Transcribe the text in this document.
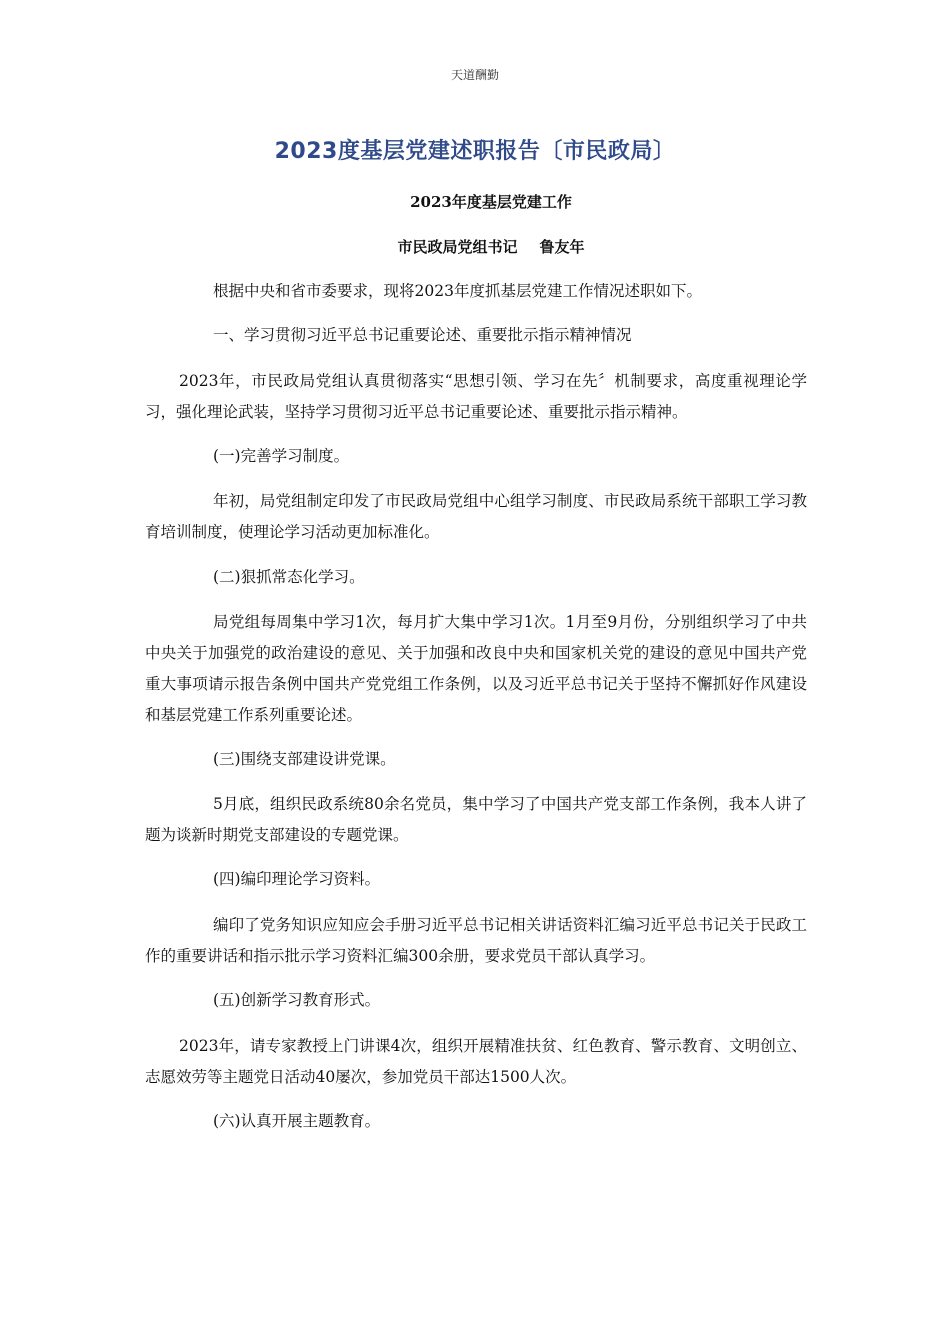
天道酬勤
2023度基层党建述职报告〔市民政局〕
2023年度基层党建工作
市民政局党组书记 鲁友年
根据中央和省市委要求，现将2023年度抓基层党建工作情况述职如下。
一、学习贯彻习近平总书记重要论述、重要批示指示精神情况
2023年，市民政局党组认真贯彻落实“思想引领、学习在先〞机制要求，高度重视理论学习，强化理论武装，坚持学习贯彻习近平总书记重要论述、重要批示指示精神。
(一)完善学习制度。
年初，局党组制定印发了市民政局党组中心组学习制度、市民政局系统干部职工学习教育培训制度，使理论学习活动更加标准化。
(二)狠抓常态化学习。
局党组每周集中学习1次，每月扩大集中学习1次。1月至9月份，分别组织学习了中共中央关于加强党的政治建设的意见、关于加强和改良中央和国家机关党的建设的意见中国共产党重大事项请示报告条例中国共产党党组工作条例，以及习近平总书记关于坚持不懈抓好作风建设和基层党建工作系列重要论述。
(三)围绕支部建设讲党课。
5月底，组织民政系统80余名党员，集中学习了中国共产党支部工作条例，我本人讲了题为谈新时期党支部建设的专题党课。
(四)编印理论学习资料。
编印了党务知识应知应会手册习近平总书记相关讲话资料汇编习近平总书记关于民政工作的重要讲话和指示批示学习资料汇编300余册，要求党员干部认真学习。
(五)创新学习教育形式。
2023年，请专家教授上门讲课4次，组织开展精准扶贫、红色教育、警示教育、文明创立、志愿效劳等主题党日活动40屡次，参加党员干部达1500人次。
(六)认真开展主题教育。
